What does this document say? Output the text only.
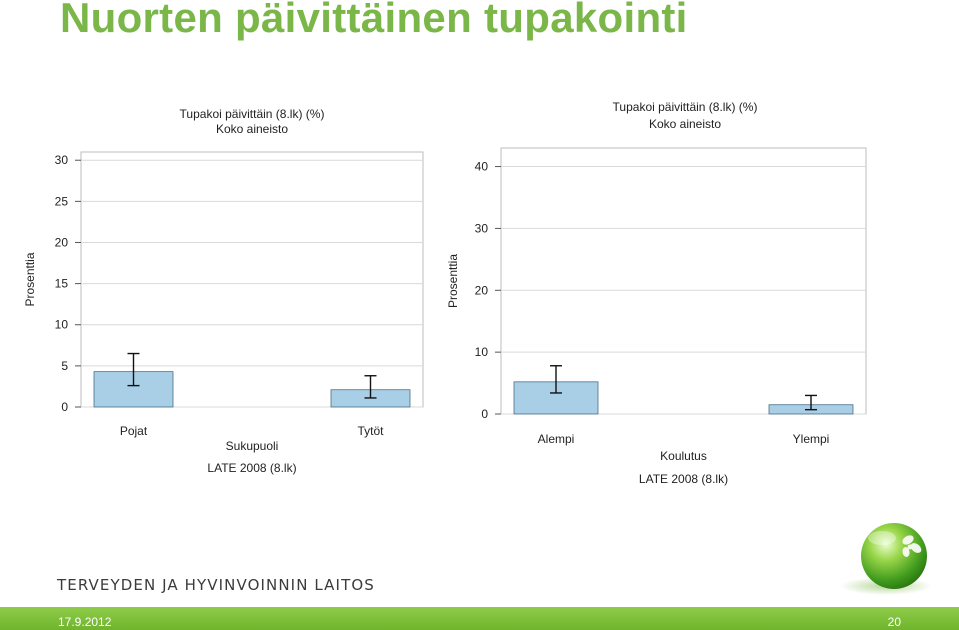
Nuorten päivittäinen tupakointi
Tupakoi päivittäin (8.lk) (%)
Koko aineisto
0
5
10
15
20
25
30
Prosenttia
Pojat	Tytöt
Sukupuoli
LATE 2008 (8.lk)
Tupakoi päivittäin (8.lk) (%)
Koko aineisto
0
10
20
30
40
Prosenttia
Alempi	Ylempi
Koulutus
LATE 2008 (8.lk)
TERVEYDEN JA HYVINVOINNIN LAITOS
17.9.2012	20
